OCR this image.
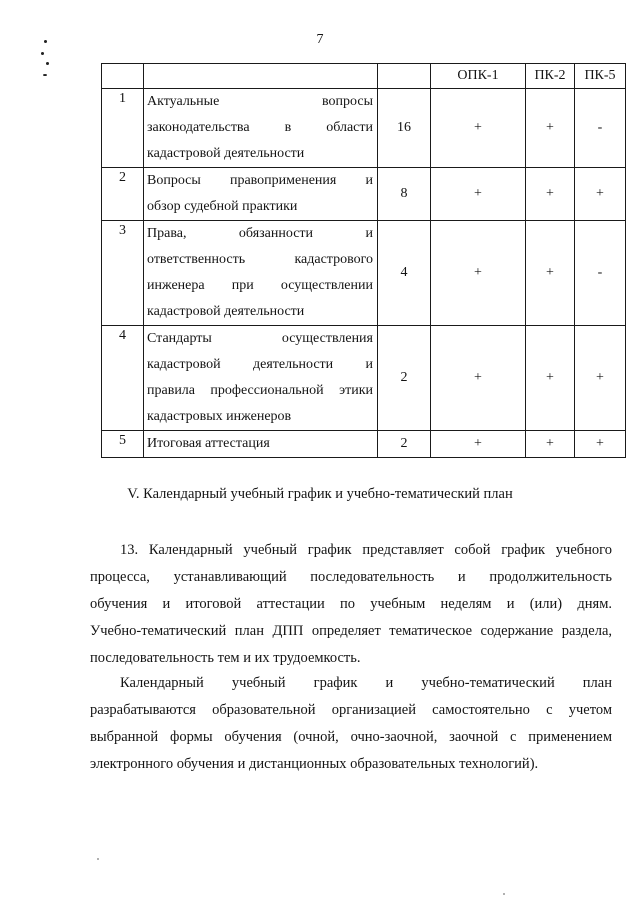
7
			ОПК-1	ПК-2	ПК-5
1	Актуальные вопросы
законодательства в области
кадастровой деятельности	16	+	+	-
2	Вопросы правоприменения и
обзор судебной практики	8	+	+	+
3	Права, обязанности и
ответственность кадастрового
инженера при осуществлении
кадастровой деятельности	4	+	+	-
4	Стандарты осуществления
кадастровой деятельности и
правила профессиональной этики
кадастровых инженеров	2	+	+	+
5	Итоговая аттестация	2	+	+	+
V. Календарный учебный график и учебно-тематический план
13. Календарный учебный график представляет собой график учебного
процесса, устанавливающий последовательность и продолжительность
обучения и итоговой аттестации по учебным неделям и (или) дням.
Учебно-тематический план ДПП определяет тематическое содержание раздела,
последовательность тем и их трудоемкость.
Календарный учебный график и учебно-тематический план
разрабатываются образовательной организацией самостоятельно с учетом
выбранной формы обучения (очной, очно-заочной, заочной с применением
электронного обучения и дистанционных образовательных технологий).
